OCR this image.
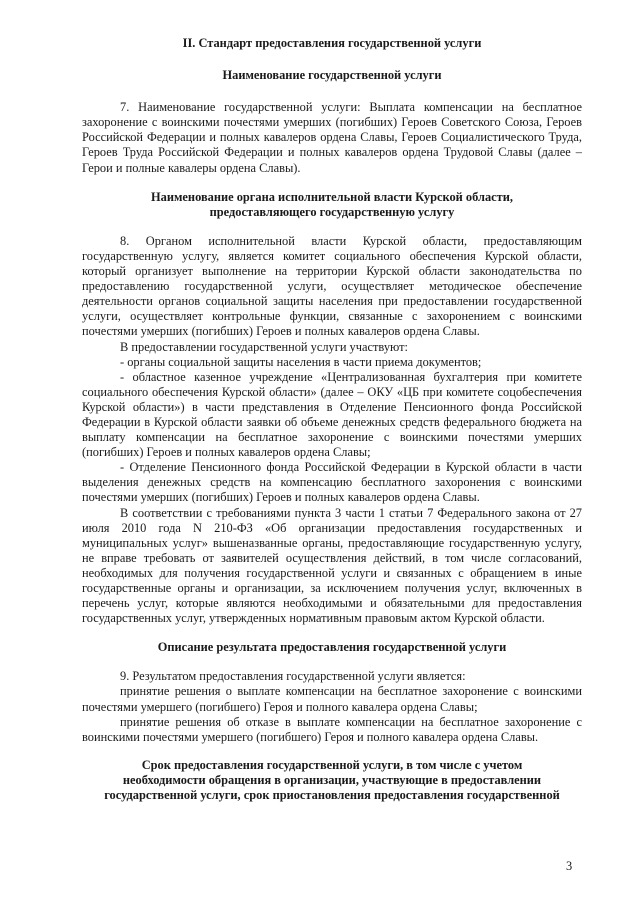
II. Стандарт предоставления государственной услуги

Наименование государственной услуги

7. Наименование государственной услуги: Выплата компенсации на бесплатное захоронение с воинскими почестями умерших (погибших) Героев Советского Союза, Героев Российской Федерации и полных кавалеров ордена Славы, Героев Социалистического Труда, Героев Труда Российской Федерации и полных кавалеров ордена Трудовой Славы (далее – Герои и полные кавалеры ордена Славы).

Наименование органа исполнительной власти Курской области,

предоставляющего государственную услугу

8. Органом исполнительной власти Курской области, предоставляющим государственную услугу, является комитет социального обеспечения Курской области, который организует выполнение на территории Курской области законодательства по предоставлению государственной услуги, осуществляет методическое обеспечение деятельности органов социальной защиты населения при предоставлении государственной услуги, осуществляет контрольные функции, связанные с захоронением с воинскими почестями умерших (погибших) Героев и полных кавалеров ордена Славы.

В предоставлении государственной услуги участвуют:

- органы социальной защиты населения в части приема документов;

- областное казенное учреждение «Централизованная бухгалтерия при комитете социального обеспечения Курской области» (далее – ОКУ «ЦБ при комитете соцобеспечения Курской области») в части представления в Отделение Пенсионного фонда Российской Федерации в Курской области заявки об объеме денежных средств федерального бюджета на выплату компенсации на бесплатное захоронение с воинскими почестями умерших (погибших) Героев и полных кавалеров ордена Славы;

- Отделение Пенсионного фонда Российской Федерации в Курской области в части выделения денежных средств на компенсацию бесплатного захоронения с воинскими почестями умерших (погибших) Героев и полных кавалеров ордена Славы.

В соответствии с требованиями пункта 3 части 1 статьи 7 Федерального закона от 27 июля 2010 года N 210-ФЗ «Об организации предоставления государственных и муниципальных услуг» вышеназванные органы, предоставляющие государственную услугу, не вправе требовать от заявителей осуществления действий, в том числе согласований, необходимых для получения государственной услуги и связанных с обращением в иные государственные органы и организации, за исключением получения услуг, включенных в перечень услуг, которые являются необходимыми и обязательными для предоставления государственных услуг, утвержденных нормативным правовым актом Курской области.

Описание результата предоставления государственной услуги

9. Результатом предоставления государственной услуги является:

принятие решения о выплате компенсации на бесплатное захоронение с воинскими почестями умершего (погибшего) Героя и полного кавалера ордена Славы;

принятие решения об отказе в выплате компенсации на бесплатное захоронение с воинскими почестями умершего (погибшего) Героя и полного кавалера ордена Славы.

Срок предоставления государственной услуги, в том числе с учетом

необходимости обращения в организации, участвующие в предоставлении

государственной услуги, срок приостановления предоставления государственной

3
